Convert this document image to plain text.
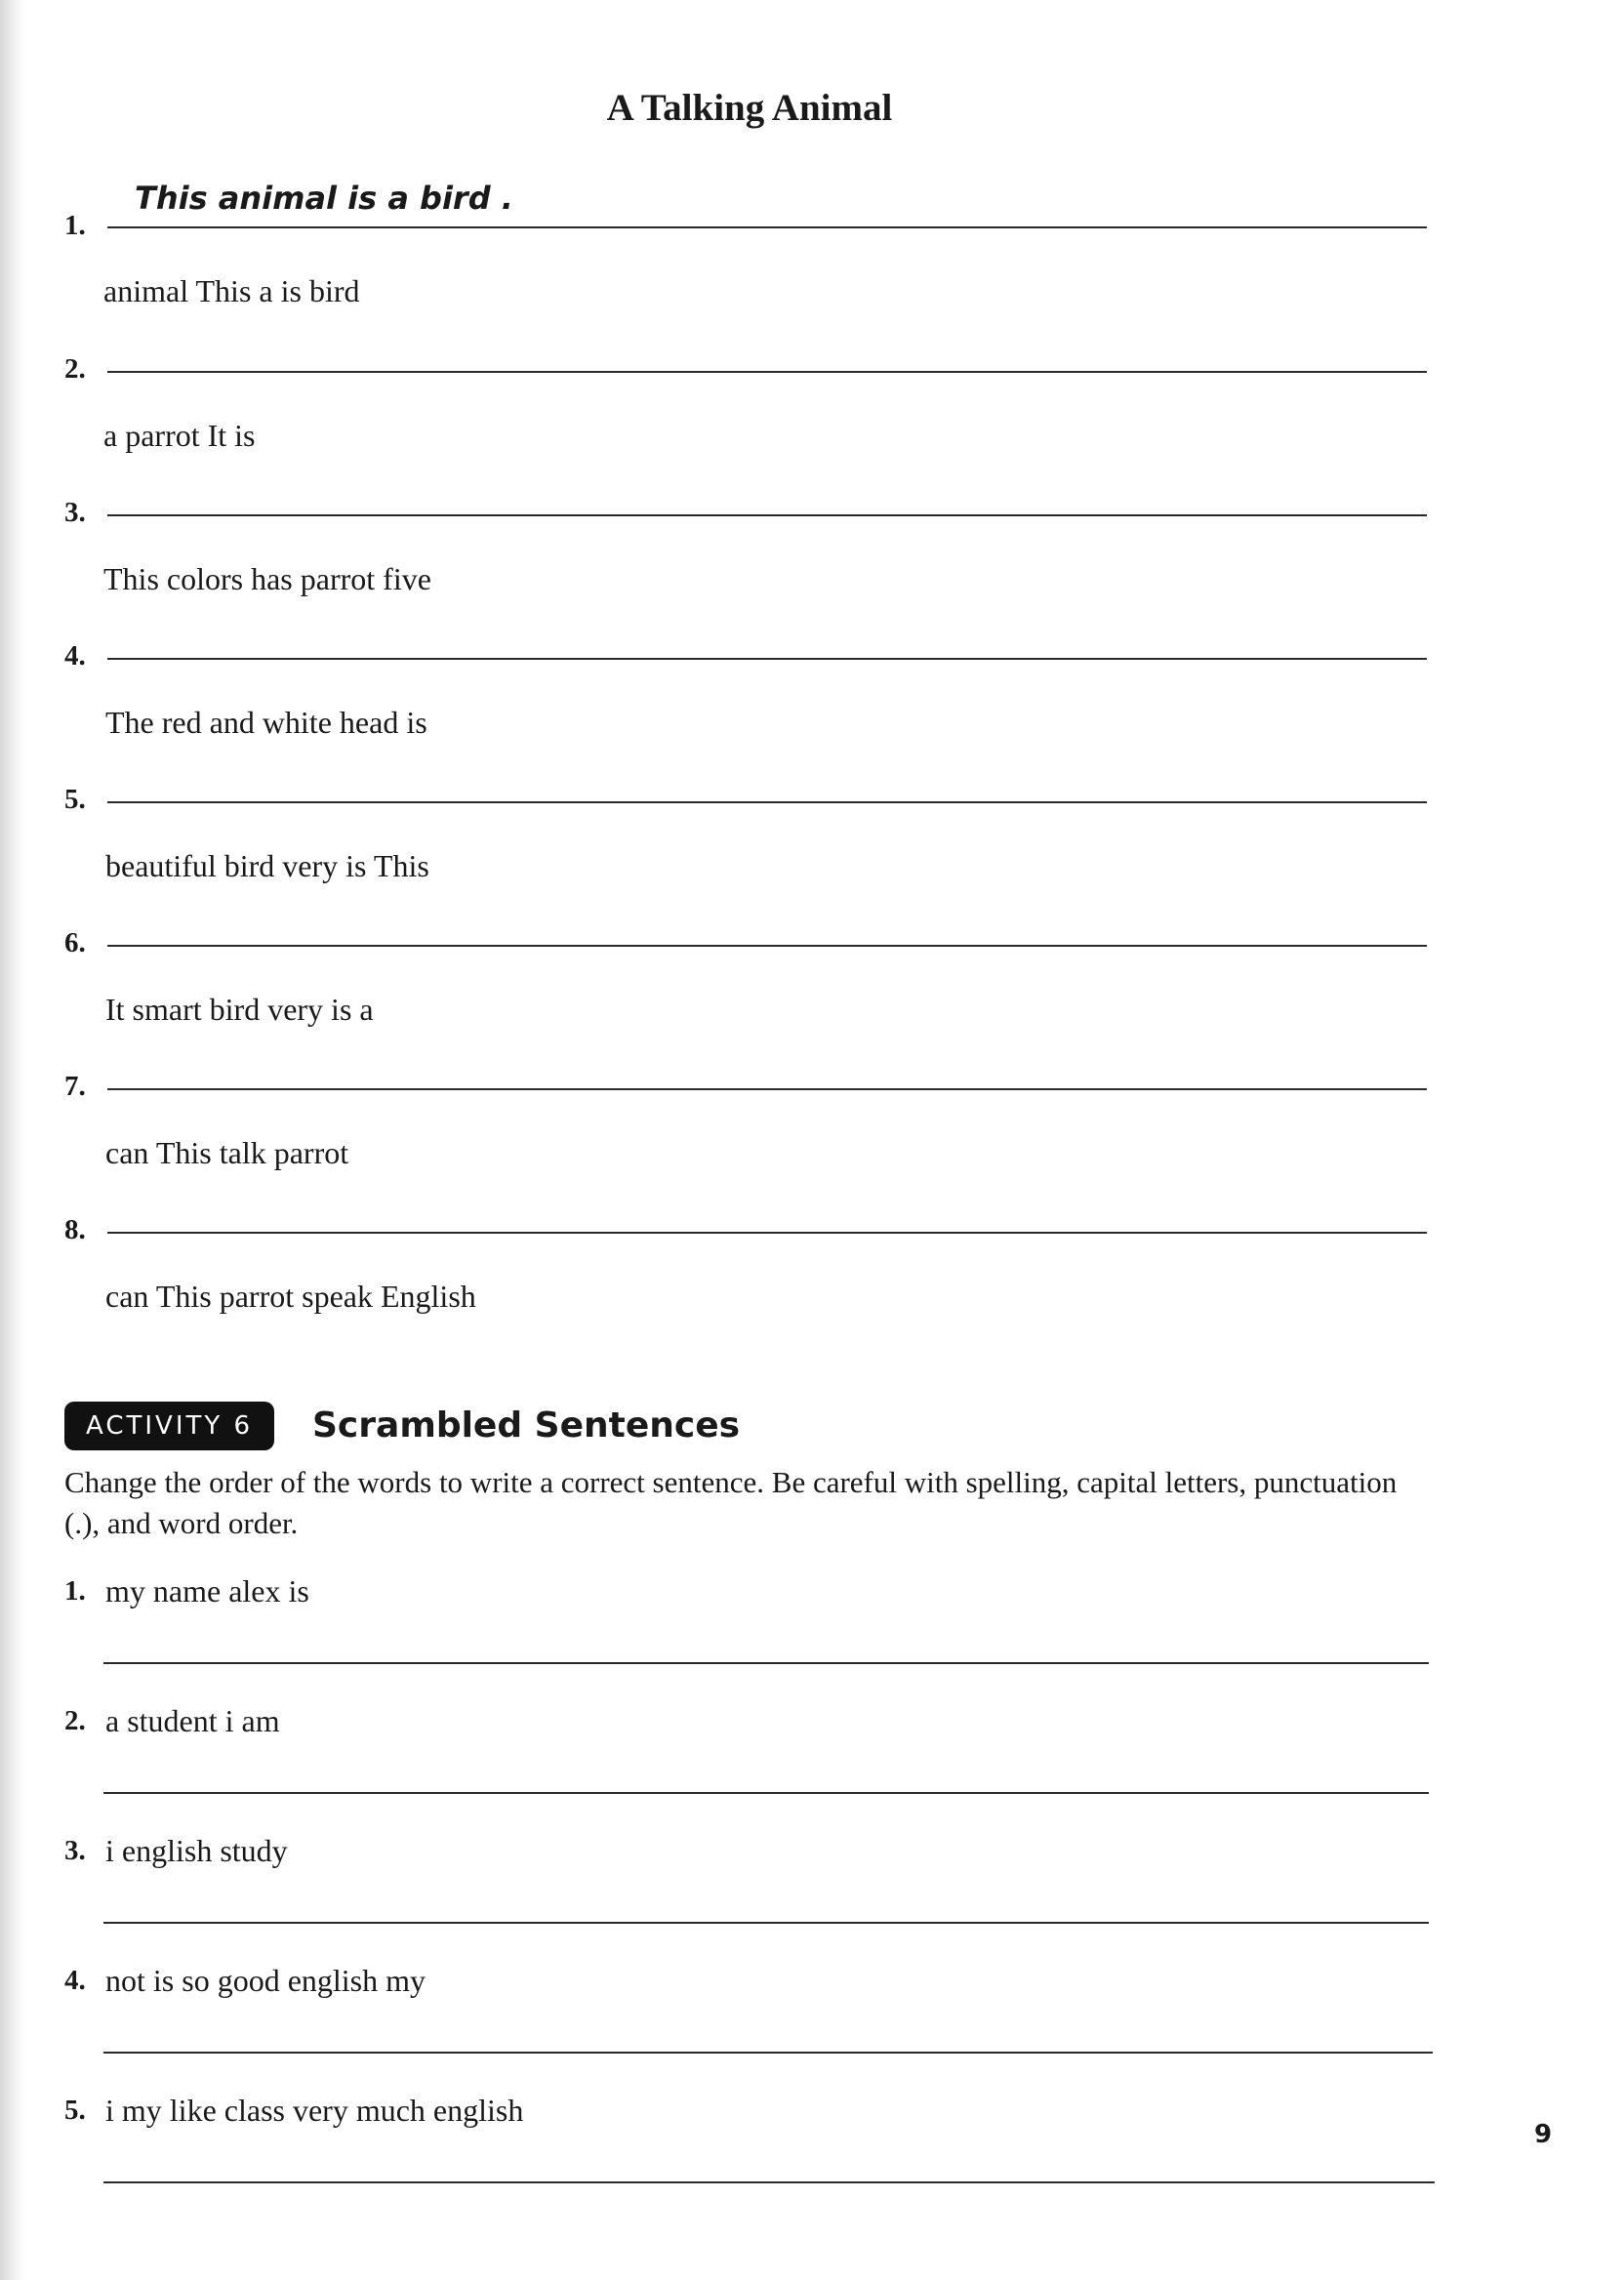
A Talking Animal
1.
This animal is a bird .
animal This a is bird
2.
a parrot It is
3.
This colors has parrot five
4.
The red and white head is
5.
beautiful bird very is This
6.
It smart bird very is a
7.
can This talk parrot
8.
can This parrot speak English
ACTIVITY 6	Scrambled Sentences
Change the order of the words to write a correct sentence. Be careful with spelling, capital letters, punctuation (.), and word order.
1. my name alex is
2. a student i am
3. i english study
4. not is so good english my
5. i my like class very much english
9
